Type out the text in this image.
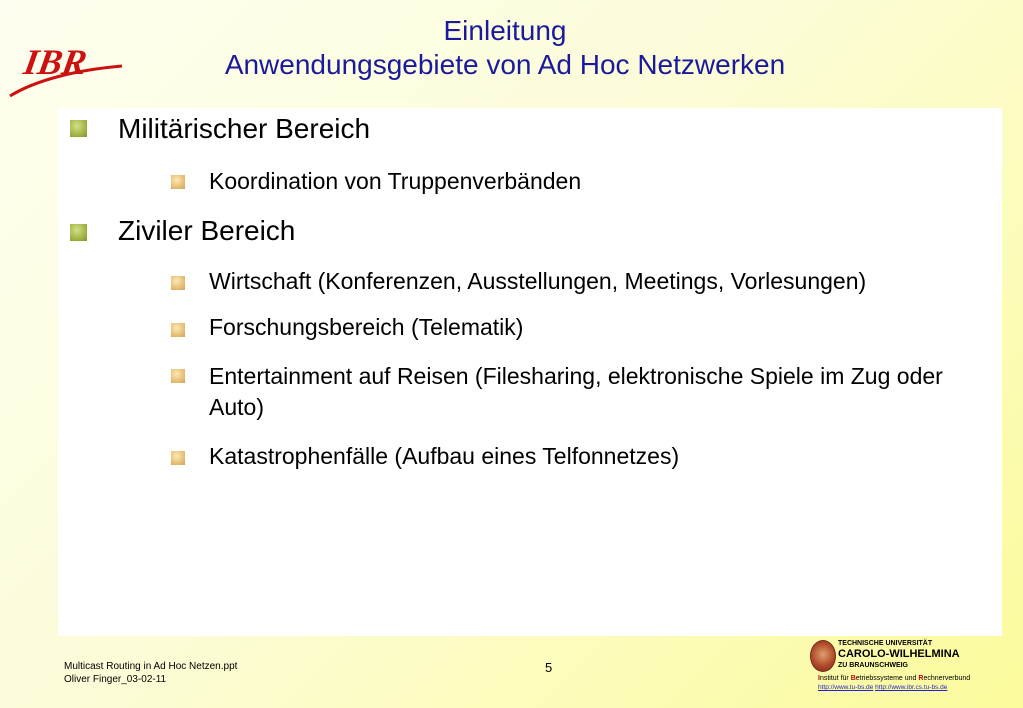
IBR
Einleitung
Anwendungsgebiete von Ad Hoc Netzwerken
Militärischer Bereich
Koordination von Truppenverbänden
Ziviler Bereich
Wirtschaft (Konferenzen, Ausstellungen, Meetings, Vorlesungen)
Forschungsbereich (Telematik)
Entertainment auf Reisen (Filesharing, elektronische Spiele im Zug oder Auto)
Katastrophenfälle (Aufbau eines Telfonnetzes)
Multicast Routing in Ad Hoc Netzen.ppt
Oliver Finger_03-02-11
5
TECHNISCHE UNIVERSITÄT
CAROLO-WILHELMINA
ZU BRAUNSCHWEIG
Institut für Betriebssysteme und Rechnerverbund
http://www.tu-bs.de http://www.ibr.cs.tu-bs.de
